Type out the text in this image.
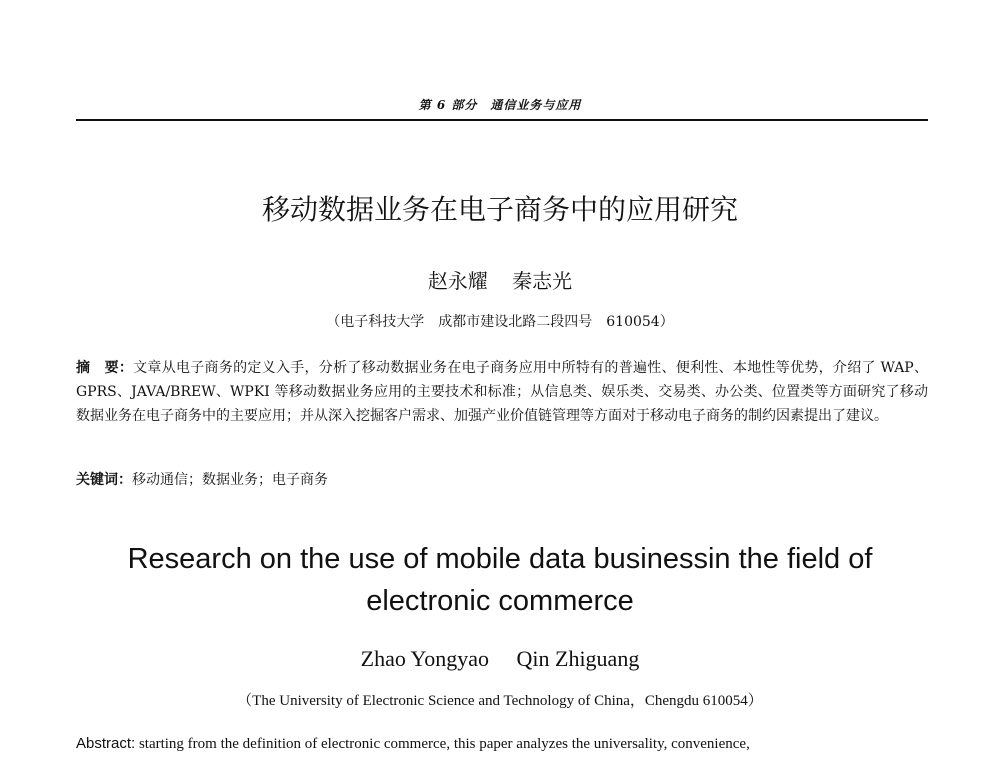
第 6 部分　通信业务与应用
移动数据业务在电子商务中的应用研究
赵永耀 秦志光
（电子科技大学　成都市建设北路二段四号　610054）
摘　要：文章从电子商务的定义入手，分析了移动数据业务在电子商务应用中所特有的普遍性、便利性、本地性等优势，介绍了 WAP、GPRS、JAVA/BREW、WPKI 等移动数据业务应用的主要技术和标准；从信息类、娱乐类、交易类、办公类、位置类等方面研究了移动数据业务在电子商务中的主要应用；并从深入挖掘客户需求、加强产业价值链管理等方面对于移动电子商务的制约因素提出了建议。
关键词：移动通信；数据业务；电子商务
Research on the use of mobile data businessin the field of
electronic commerce
Zhao Yongyao Qin Zhiguang
（The University of Electronic Science and Technology of China，Chengdu 610054）
Abstract: starting from the definition of electronic commerce, this paper analyzes the universality, convenience,
